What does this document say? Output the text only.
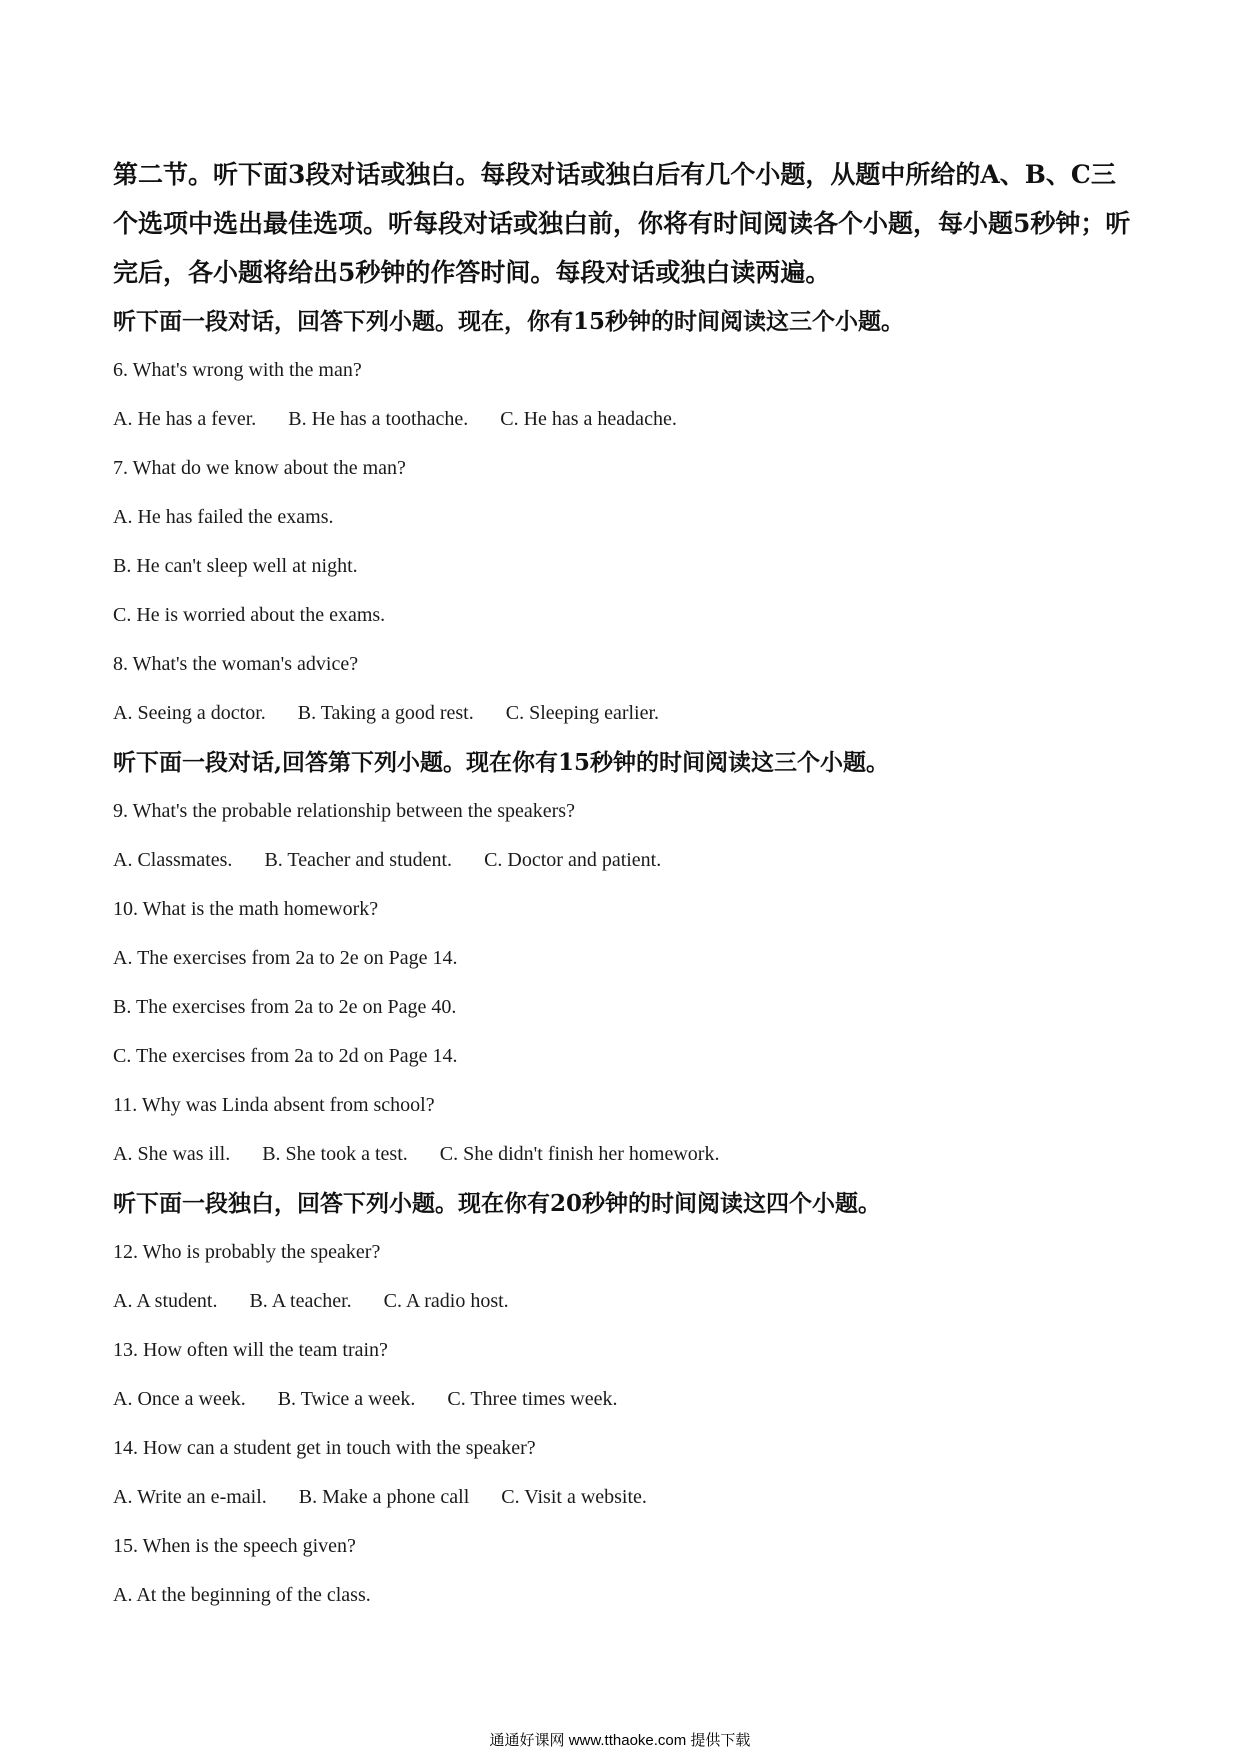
第二节。听下面3段对话或独白。每段对话或独白后有几个小题，从题中所给的A、B、C三个选项中选出最佳选项。听每段对话或独白前，你将有时间阅读各个小题，每小题5秒钟；听完后，各小题将给出5秒钟的作答时间。每段对话或独白读两遍。

听下面一段对话，回答下列小题。现在，你有15秒钟的时间阅读这三个小题。

6. What's wrong with the man?
A. He has a fever. B. He has a toothache. C. He has a headache.
7. What do we know about the man?
A. He has failed the exams.
B. He can't sleep well at night.
C. He is worried about the exams.
8. What's the woman's advice?
A. Seeing a doctor. B. Taking a good rest. C. Sleeping earlier.

听下面一段对话,回答第下列小题。现在你有15秒钟的时间阅读这三个小题。

9. What's the probable relationship between the speakers?
A. Classmates. B. Teacher and student. C. Doctor and patient.
10. What is the math homework?
A. The exercises from 2a to 2e on Page 14.
B. The exercises from 2a to 2e on Page 40.
C. The exercises from 2a to 2d on Page 14.
11. Why was Linda absent from school?
A. She was ill. B. She took a test. C. She didn't finish her homework.

听下面一段独白，回答下列小题。现在你有20秒钟的时间阅读这四个小题。

12. Who is probably the speaker?
A. A student. B. A teacher. C. A radio host.
13. How often will the team train?
A. Once a week. B. Twice a week. C. Three times week.
14. How can a student get in touch with the speaker?
A. Write an e-mail. B. Make a phone call C. Visit a website.
15. When is the speech given?
A. At the beginning of the class.
通通好课网 www.tthaoke.com 提供下载
